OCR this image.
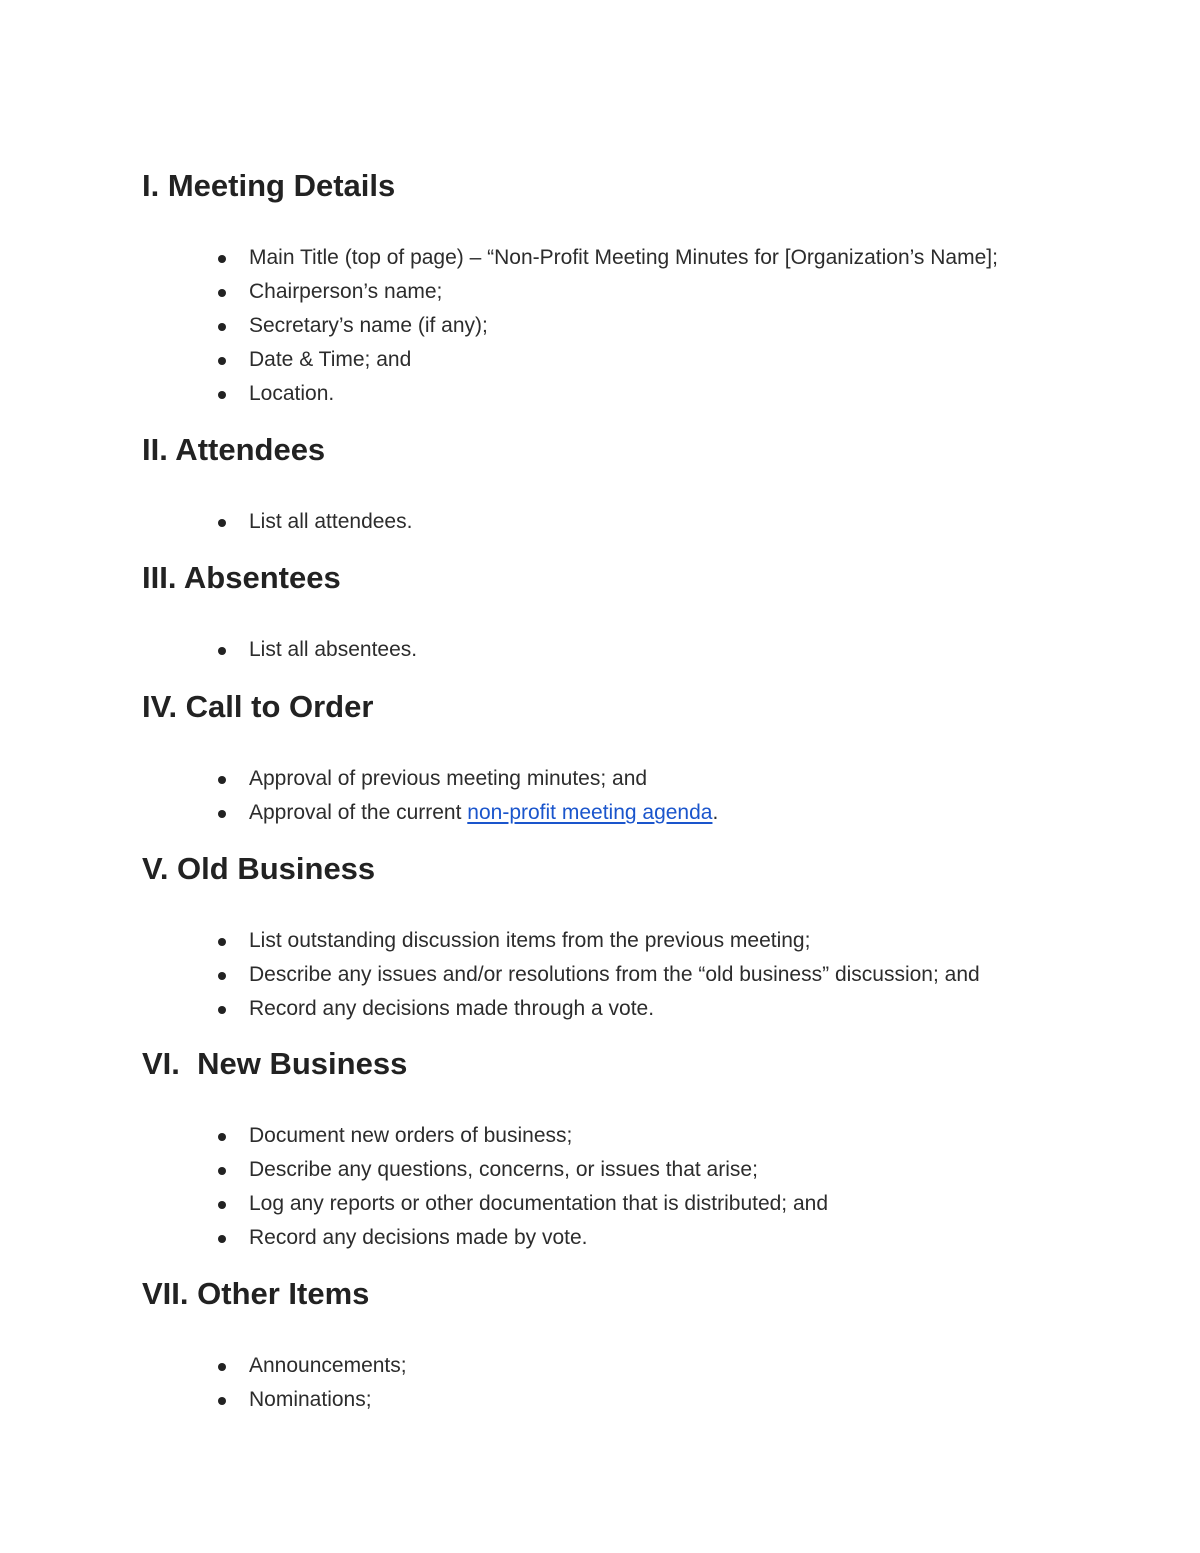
I. Meeting Details
Main Title (top of page) – “Non-Profit Meeting Minutes for [Organization’s Name];
Chairperson’s name;
Secretary’s name (if any);
Date & Time; and
Location.
II. Attendees
List all attendees.
III. Absentees
List all absentees.
IV. Call to Order
Approval of previous meeting minutes; and
Approval of the current non-profit meeting agenda.
V. Old Business
List outstanding discussion items from the previous meeting;
Describe any issues and/or resolutions from the “old business” discussion; and
Record any decisions made through a vote.
VI.  New Business
Document new orders of business;
Describe any questions, concerns, or issues that arise;
Log any reports or other documentation that is distributed; and
Record any decisions made by vote.
VII. Other Items
Announcements;
Nominations;
